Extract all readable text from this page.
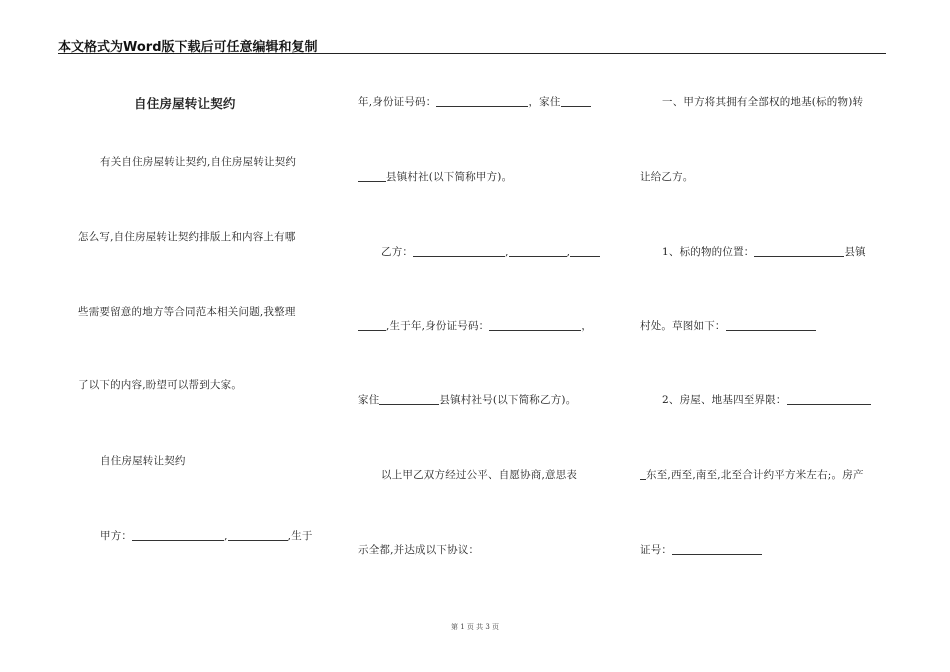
本文格式为Word版下载后可任意编辑和复制
自住房屋转让契约
有关自住房屋转让契约,自住房屋转让契约
怎么写,自住房屋转让契约排版上和内容上有哪
些需要留意的地方等合同范本相关问题,我整理
了以下的内容,盼望可以帮到大家。
自住房屋转让契约
甲方：	,	,生于
年,身份证号码：	，家住
县镇村社(以下简称甲方)。
乙方：	,	,
,生于年,身份证号码：	，
家住	县镇村社号(以下简称乙方)。
以上甲乙双方经过公平、自愿协商,意思表
示全都,并达成以下协议：
一、甲方将其拥有全部权的地基(标的物)转
让给乙方。
1、标的物的位置：	县镇
村处。草图如下：
2、房屋、地基四至界限：
东至,西至,南至,北至合计约平方米左右;。房产
证号：
第 1 页 共 3 页
